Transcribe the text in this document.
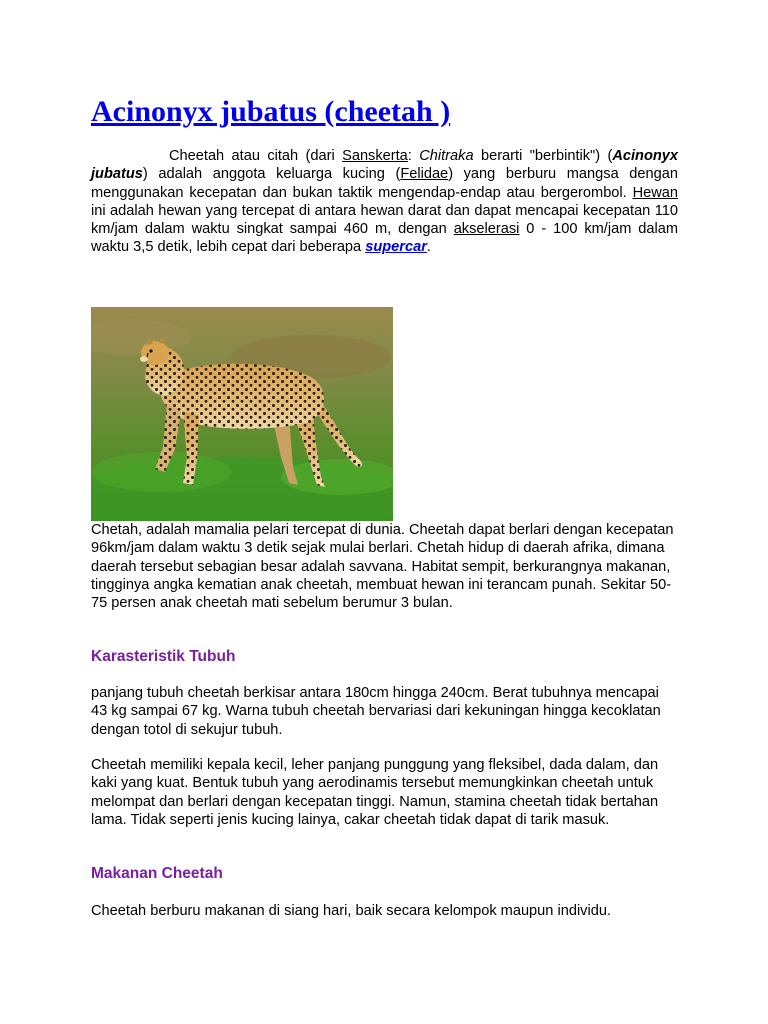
Acinonyx jubatus (cheetah )

Cheetah atau citah (dari Sanskerta: Chitraka berarti "berbintik") (Acinonyx jubatus) adalah anggota keluarga kucing (Felidae) yang berburu mangsa dengan menggunakan kecepatan dan bukan taktik mengendap-endap atau bergerombol. Hewan ini adalah hewan yang tercepat di antara hewan darat dan dapat mencapai kecepatan 110 km/jam dalam waktu singkat sampai 460 m, dengan akselerasi 0 - 100 km/jam dalam waktu 3,5 detik, lebih cepat dari beberapa supercar.

Chetah, adalah mamalia pelari tercepat di dunia. Cheetah dapat berlari dengan kecepatan 96km/jam dalam waktu 3 detik sejak mulai berlari. Chetah hidup di daerah afrika, dimana daerah tersebut sebagian besar adalah savvana. Habitat sempit, berkurangnya makanan, tingginya angka kematian anak cheetah, membuat hewan ini terancam punah. Sekitar 50-75 persen anak cheetah mati sebelum berumur 3 bulan.

Karasteristik Tubuh

panjang tubuh cheetah berkisar antara 180cm hingga 240cm. Berat tubuhnya mencapai 43 kg sampai 67 kg. Warna tubuh cheetah bervariasi dari kekuningan hingga kecoklatan dengan totol di sekujur tubuh.

Cheetah memiliki kepala kecil, leher panjang punggung yang fleksibel, dada dalam, dan kaki yang kuat. Bentuk tubuh yang aerodinamis tersebut memungkinkan cheetah untuk melompat dan berlari dengan kecepatan tinggi. Namun, stamina cheetah tidak bertahan lama. Tidak seperti jenis kucing lainya, cakar cheetah tidak dapat di tarik masuk.

Makanan Cheetah

Cheetah berburu makanan di siang hari, baik secara kelompok maupun individu.
